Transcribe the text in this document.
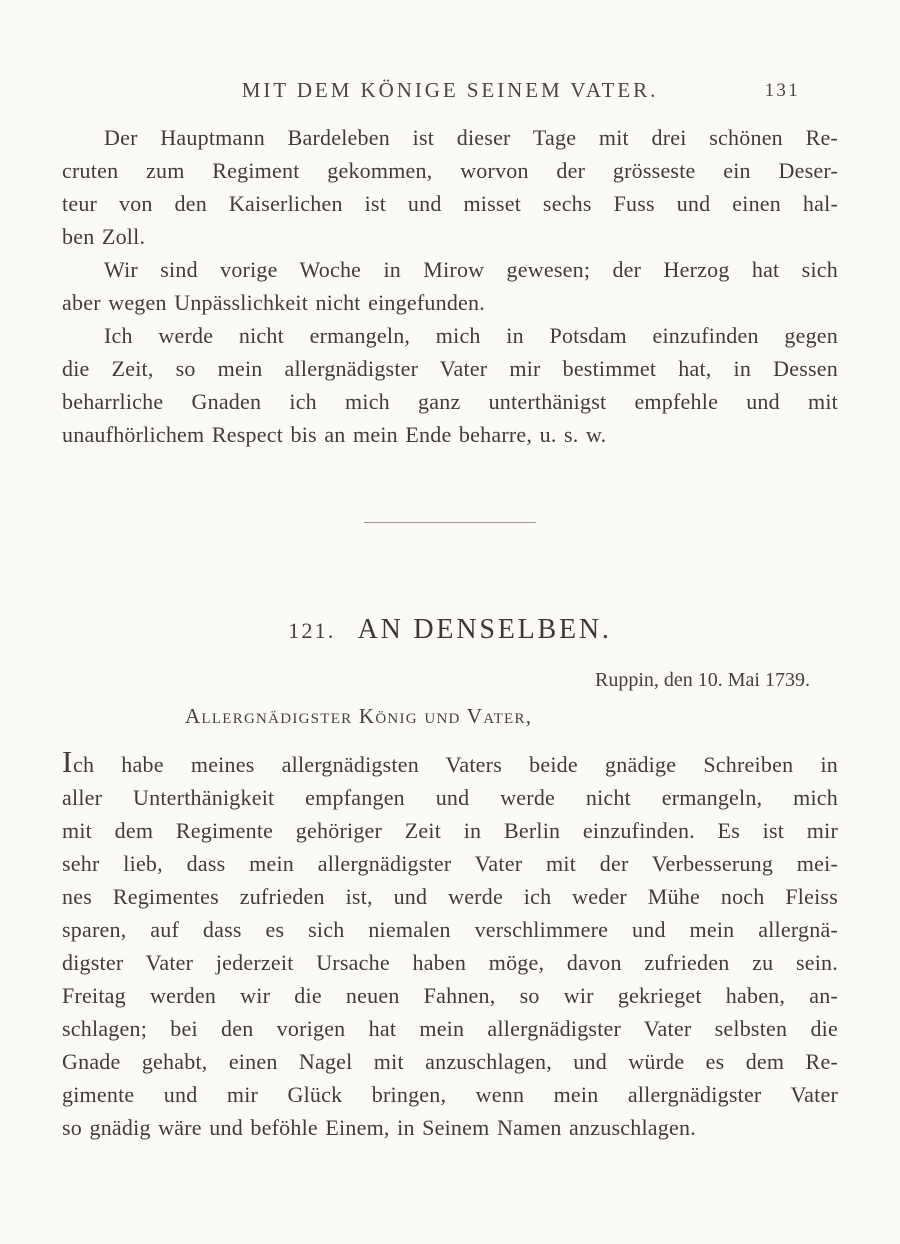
MIT DEM KÖNIGE SEINEM VATER.	131

Der Hauptmann Bardeleben ist dieser Tage mit drei schönen Re-
cruten zum Regiment gekommen, worvon der grösseste ein Deser-
teur von den Kaiserlichen ist und misset sechs Fuss und einen hal-
ben Zoll.

Wir sind vorige Woche in Mirow gewesen; der Herzog hat sich
aber wegen Unpässlichkeit nicht eingefunden.

Ich werde nicht ermangeln, mich in Potsdam einzufinden gegen
die Zeit, so mein allergnädigster Vater mir bestimmet hat, in Dessen
beharrliche Gnaden ich mich ganz unterthänigst empfehle und mit
unaufhörlichem Respect bis an mein Ende beharre, u. s. w.

121. AN DENSELBEN.
Ruppin, den 10. Mai 1739.
Allergnädigster König und Vater,
Ich habe meines allergnädigsten Vaters beide gnädige Schreiben in
aller Unterthänigkeit empfangen und werde nicht ermangeln, mich
mit dem Regimente gehöriger Zeit in Berlin einzufinden. Es ist mir
sehr lieb, dass mein allergnädigster Vater mit der Verbesserung mei-
nes Regimentes zufrieden ist, und werde ich weder Mühe noch Fleiss
sparen, auf dass es sich niemalen verschlimmere und mein allergnä-
digster Vater jederzeit Ursache haben möge, davon zufrieden zu sein.
Freitag werden wir die neuen Fahnen, so wir gekrieget haben, an-
schlagen; bei den vorigen hat mein allergnädigster Vater selbsten die
Gnade gehabt, einen Nagel mit anzuschlagen, und würde es dem Re-
gimente und mir Glück bringen, wenn mein allergnädigster Vater
so gnädig wäre und beföhle Einem, in Seinem Namen anzuschlagen.
